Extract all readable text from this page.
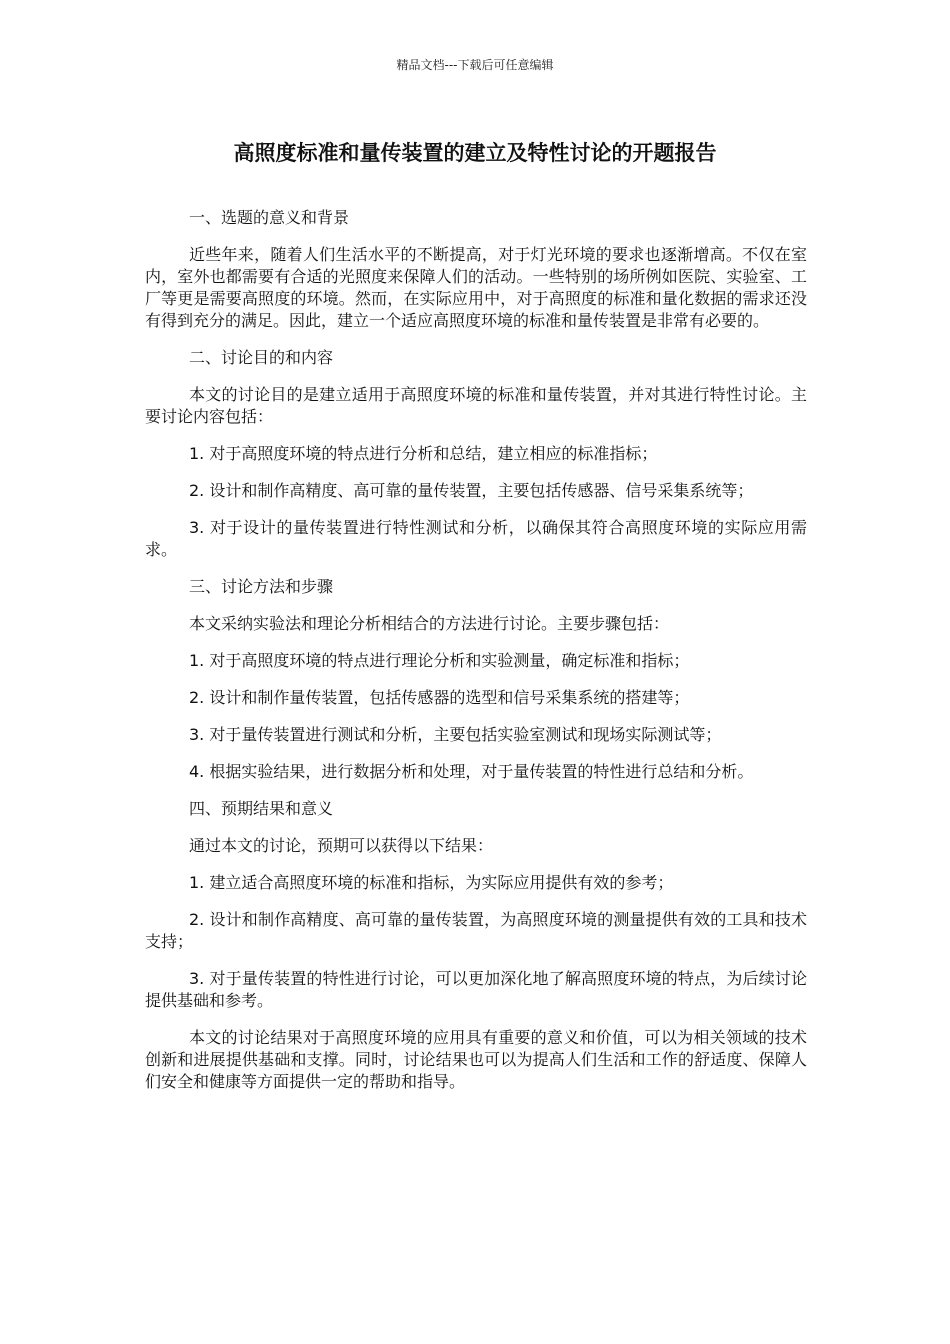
精品文档---下载后可任意编辑
高照度标准和量传装置的建立及特性讨论的开题报告

一、选题的意义和背景

近些年来，随着人们生活水平的不断提高，对于灯光环境的要求也逐渐增高。不仅在室内，室外也都需要有合适的光照度来保障人们的活动。一些特别的场所例如医院、实验室、工厂等更是需要高照度的环境。然而，在实际应用中，对于高照度的标准和量化数据的需求还没有得到充分的满足。因此，建立一个适应高照度环境的标准和量传装置是非常有必要的。

二、讨论目的和内容

本文的讨论目的是建立适用于高照度环境的标准和量传装置，并对其进行特性讨论。主要讨论内容包括：

1. 对于高照度环境的特点进行分析和总结，建立相应的标准指标；

2. 设计和制作高精度、高可靠的量传装置，主要包括传感器、信号采集系统等；

3. 对于设计的量传装置进行特性测试和分析，以确保其符合高照度环境的实际应用需求。

三、讨论方法和步骤

本文采纳实验法和理论分析相结合的方法进行讨论。主要步骤包括：

1. 对于高照度环境的特点进行理论分析和实验测量，确定标准和指标；

2. 设计和制作量传装置，包括传感器的选型和信号采集系统的搭建等；

3. 对于量传装置进行测试和分析，主要包括实验室测试和现场实际测试等；

4. 根据实验结果，进行数据分析和处理，对于量传装置的特性进行总结和分析。

四、预期结果和意义

通过本文的讨论，预期可以获得以下结果：

1. 建立适合高照度环境的标准和指标，为实际应用提供有效的参考；

2. 设计和制作高精度、高可靠的量传装置，为高照度环境的测量提供有效的工具和技术支持；

3. 对于量传装置的特性进行讨论，可以更加深化地了解高照度环境的特点，为后续讨论提供基础和参考。

本文的讨论结果对于高照度环境的应用具有重要的意义和价值，可以为相关领域的技术创新和进展提供基础和支撑。同时，讨论结果也可以为提高人们生活和工作的舒适度、保障人们安全和健康等方面提供一定的帮助和指导。
